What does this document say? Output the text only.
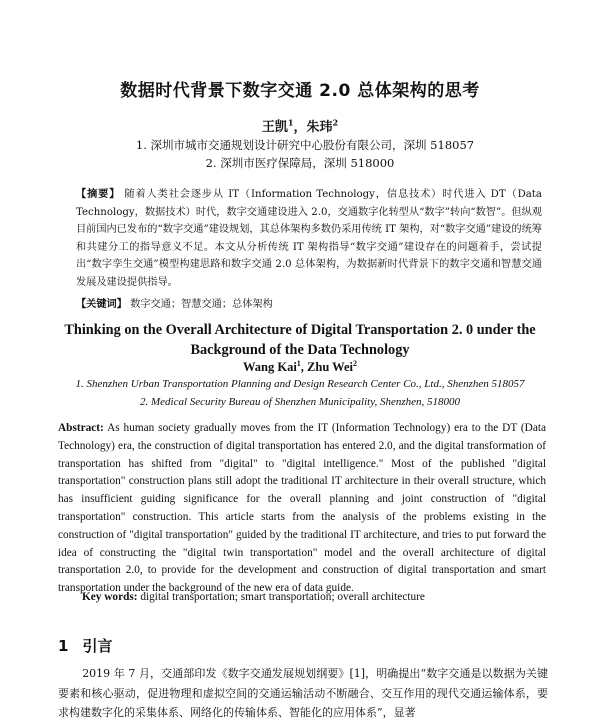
数据时代背景下数字交通 2.0 总体架构的思考
王凯$^1$，朱玮$^2$
1. 深圳市城市交通规划设计研究中心股份有限公司，深圳 518057
2. 深圳市医疗保障局，深圳 518000
【摘要】 随着人类社会逐步从 IT（Information Technology，信息技术）时代进入 DT（Data Technology，数据技术）时代，数字交通建设进入 2.0，交通数字化转型从“数字”转向“数智”。但纵观目前国内已发布的“数字交通”建设规划，其总体架构多数仍采用传统 IT 架构，对“数字交通”建设的统筹和共建分工的指导意义不足。本文从分析传统 IT 架构指导“数字交通”建设存在的问题着手，尝试提出“数字孪生交通”模型构建思路和数字交通 2.0 总体架构，为数据新时代背景下的数字交通和智慧交通发展及建设提供指导。
【关键词】 数字交通；智慧交通；总体架构
Thinking on the Overall Architecture of Digital Transportation 2. 0 under the Background of the Data Technology
Wang Kai$^1$, Zhu Wei$^2$
1. Shenzhen Urban Transportation Planning and Design Research Center Co., Ltd., Shenzhen 518057
2. Medical Security Bureau of Shenzhen Municipality, Shenzhen, 518000
Abstract: As human society gradually moves from the IT (Information Technology) era to the DT (Data Technology) era, the construction of digital transportation has entered 2.0, and the digital transformation of transportation has shifted from "digital" to "digital intelligence." Most of the published "digital transportation" construction plans still adopt the traditional IT architecture in their overall structure, which has insufficient guiding significance for the overall planning and joint construction of "digital transportation" construction. This article starts from the analysis of the problems existing in the construction of "digital transportation" guided by the traditional IT architecture, and tries to put forward the idea of constructing the "digital twin transportation" model and the overall architecture of digital transportation 2.0, to provide for the development and construction of digital transportation and smart transportation under the background of the new era of data guide.
Key words: digital transportation; smart transportation; overall architecture
1 引言
2019 年 7 月，交通部印发《数字交通发展规划纲要》[1]，明确提出“数字交通是以数据为关键要素和核心驱动，促进物理和虚拟空间的交通运输活动不断融合、交互作用的现代交通运输体系，要求构建数字化的采集体系、网络化的传输体系、智能化的应用体系”，显著
